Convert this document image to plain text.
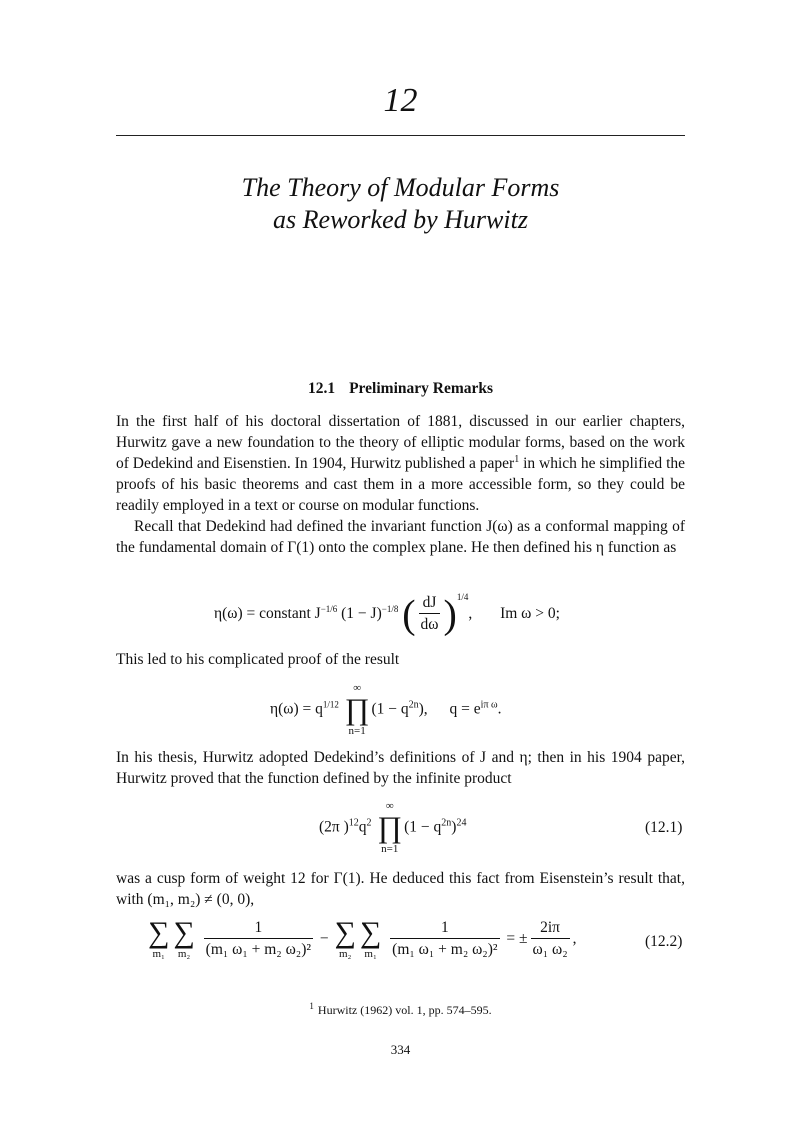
12
The Theory of Modular Forms
as Reworked by Hurwitz
12.1 Preliminary Remarks

In the first half of his doctoral dissertation of 1881, discussed in our earlier chapters, Hurwitz gave a new foundation to the theory of elliptic modular forms, based on the work of Dedekind and Eisenstien. In 1904, Hurwitz published a paper$^1$ in which he simplified the proofs of his basic theorems and cast them in a more accessible form, so they could be readily employed in a text or course on modular functions.

Recall that Dedekind had defined the invariant function J(ω) as a conformal mapping of the fundamental domain of Γ(1) onto the complex plane. He then defined his η function as

η(ω) = constant $J^{-1/6}$ $(1 - J)^{-1/8}$ ( $\frac{dJ}{d\omega} )^{1/4}$, Im ω > 0;
This led to his complicated proof of the result
$\eta(\omega) = q^{1/12}$
∞
∏
n=1
$(1 - q^{2n})$, $q = e^{i\pi \omega}$.
In his thesis, Hurwitz adopted Dedekind’s definitions of J and η; then in his 1904 paper, Hurwitz proved that the function defined by the infinite product
(2π )$^{12}q^2$
∞
∏
n=1
$(1 - q^{2n})^{24}$	(12.1)
was a cusp form of weight 12 for Γ(1). He deduced this fact from Eisenstein’s result that, with (m₁, m₂) ≠ (0, 0),
∑
m₁
∑
m₂
$\frac{1}{\text{(m₁ ω₁ + m₂ ω₂)²}}$ − ∑
m₂
∑
m₁
$\frac{1}{\text{(m₁ ω₁ + m₂ ω₂)²}}$ = ± $\frac{2i\pi}{\text{ω₁ ω₂}}$ ,	(12.2)
$^1$ Hurwitz (1962) vol. 1, pp. 574–595.
334
